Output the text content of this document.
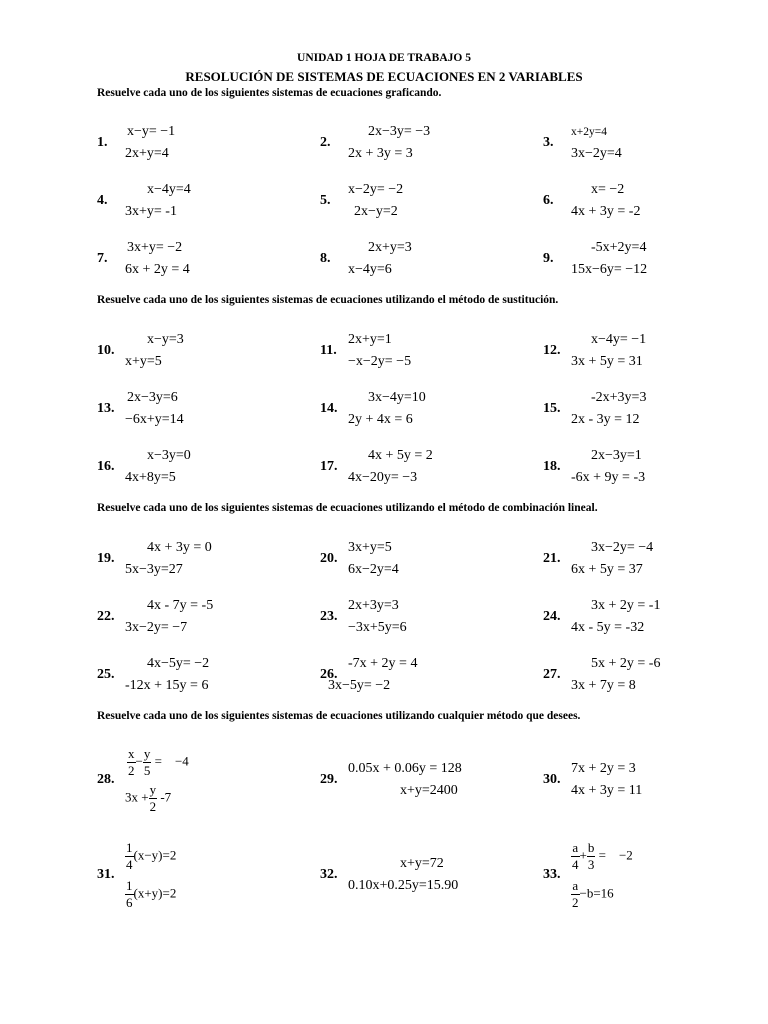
UNIDAD 1 HOJA DE TRABAJO 5
RESOLUCIÓN DE SISTEMAS DE ECUACIONES EN 2 VARIABLES
Resuelve cada uno de los siguientes sistemas de ecuaciones graficando.
Resuelve cada uno de los siguientes sistemas de ecuaciones utilizando el método de sustitución.
Resuelve cada uno de los siguientes sistemas de ecuaciones utilizando el método de combinación lineal.
Resuelve cada uno de los siguientes sistemas de ecuaciones utilizando cualquier método que desees.
1.
x−y= −1
2x+y=4
2.
2x−3y= −3
2x + 3y = 3
3.
x+2y=4
3x−2y=4
4.
x−4y=4
3x+y= -1
5.
x−2y= −2
2x−y=2
6.
x= −2
4x + 3y = -2
7.
3x+y= −2
6x + 2y = 4
8.
2x+y=3
x−4y=6
9.
-5x+2y=4
15x−6y= −12
10.
x−y=3
x+y=5
11.
2x+y=1
−x−2y= −5
12.
x−4y= −1
3x + 5y = 31
13.
2x−3y=6
−6x+y=14
14.
3x−4y=10
2y + 4x = 6
15.
-2x+3y=3
2x - 3y = 12
16.
x−3y=0
4x+8y=5
17.
4x + 5y = 2
4x−20y= −3
18.
2x−3y=1
-6x + 9y = -3
19.
4x + 3y = 0
5x−3y=27
20.
3x+y=5
6x−2y=4
21.
3x−2y= −4
6x + 5y = 37
22.
4x - 7y = -5
3x−2y= −7
23.
2x+3y=3
−3x+5y=6
24.
3x + 2y = -1
4x - 5y = -32
25.
4x−5y= −2
-12x + 15y = 6
26.
-7x + 2y = 4
3x−5y= −2
27.
5x + 2y = -6
3x + 7y = 8
28.
$\frac{x}{2} - \frac{y}{5} = -4$
$3x + \frac{y}{2} -7$
29.
0.05x + 0.06y = 128
x+y=2400
30.
7x + 2y = 3
4x + 3y = 11
31.
$\frac{1}{4} (x-y)=2$
$\frac{1}{6} (x+y)=2$
32.
x+y=72
0.10x+0.25y=15.90
33.
$\frac{a}{4} + \frac{b}{3} = -2$
$\frac{a}{2} -b=16$
